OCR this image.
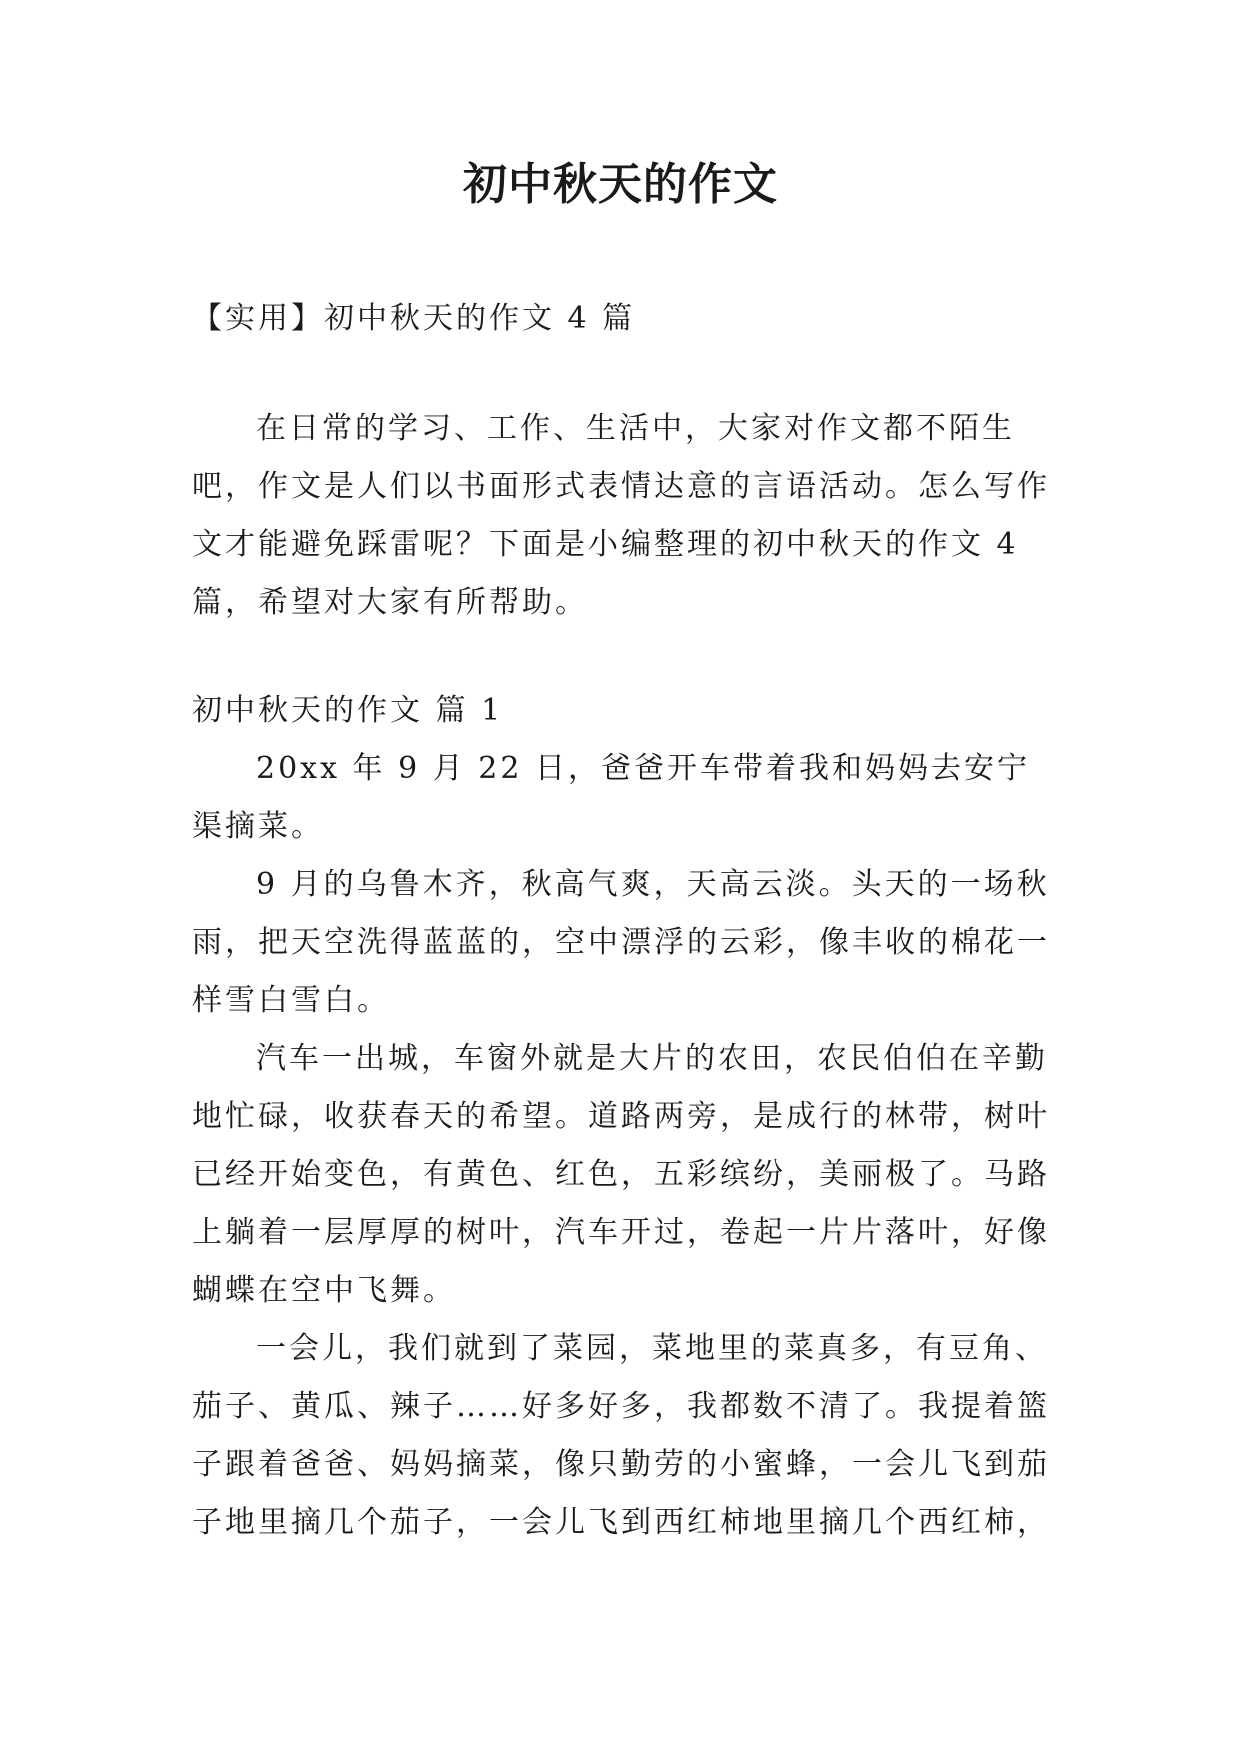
初中秋天的作文

【实用】初中秋天的作文 4 篇

在日常的学习、工作、生活中，大家对作文都不陌生吧，作文是人们以书面形式表情达意的言语活动。怎么写作文才能避免踩雷呢？下面是小编整理的初中秋天的作文 4 篇，希望对大家有所帮助。

初中秋天的作文 篇 1

20xx 年 9 月 22 日，爸爸开车带着我和妈妈去安宁渠摘菜。

9 月的乌鲁木齐，秋高气爽，天高云淡。头天的一场秋雨，把天空洗得蓝蓝的，空中漂浮的云彩，像丰收的棉花一样雪白雪白。

汽车一出城，车窗外就是大片的农田，农民伯伯在辛勤地忙碌，收获春天的希望。道路两旁，是成行的林带，树叶已经开始变色，有黄色、红色，五彩缤纷，美丽极了。马路上躺着一层厚厚的树叶，汽车开过，卷起一片片落叶，好像蝴蝶在空中飞舞。

一会儿，我们就到了菜园，菜地里的菜真多，有豆角、茄子、黄瓜、辣子……好多好多，我都数不清了。我提着篮子跟着爸爸、妈妈摘菜，像只勤劳的小蜜蜂，一会儿飞到茄子地里摘几个茄子，一会儿飞到西红柿地里摘几个西红柿，
